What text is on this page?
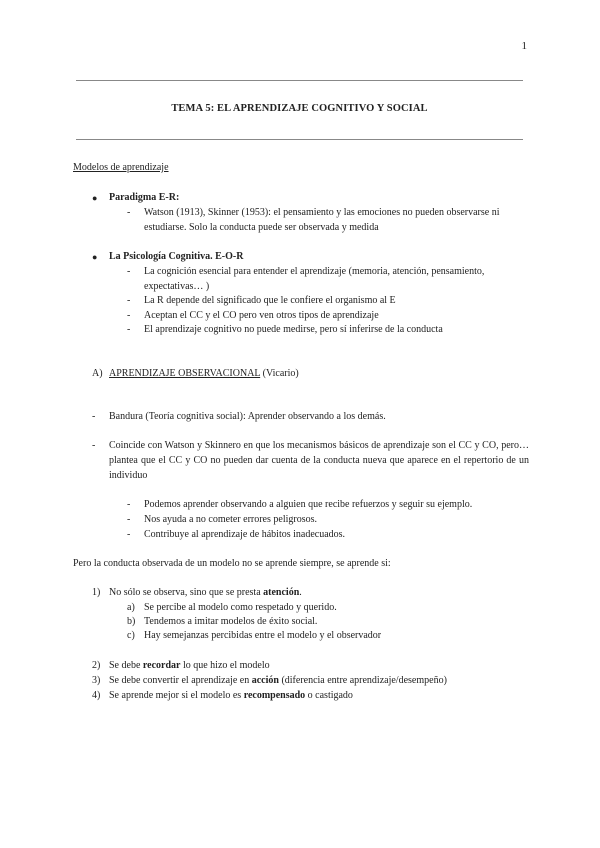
1
TEMA 5: EL APRENDIZAJE COGNITIVO Y SOCIAL
Modelos de aprendizaje
● Paradigma E-R:
- Watson (1913), Skinner (1953): el pensamiento y las emociones no pueden observarse ni estudiarse. Solo la conducta puede ser observada y medida
● La Psicología Cognitiva. E-O-R
- La cognición esencial para entender el aprendizaje (memoria, atención, pensamiento, expectativas… )
- La R depende del significado que le confiere el organismo al E
- Aceptan el CC y el CO pero ven otros tipos de aprendizaje
- El aprendizaje cognitivo no puede medirse, pero sí inferirse de la conducta
A) APRENDIZAJE OBSERVACIONAL (Vicario)
- Bandura (Teoría cognitiva social): Aprender observando a los demás.
- Coincide con Watson y Skinnero en que los mecanismos básicos de aprendizaje son el CC y CO, pero… plantea que el CC y CO no pueden dar cuenta de la conducta nueva que aparece en el repertorio de un individuo
- Podemos aprender observando a alguien que recibe refuerzos y seguir su ejemplo.
- Nos ayuda a no cometer errores peligrosos.
- Contribuye al aprendizaje de hábitos inadecuados.
Pero la conducta observada de un modelo no se aprende siempre, se aprende si:
1) No sólo se observa, sino que se presta atención.
a) Se percibe al modelo como respetado y querido.
b) Tendemos a imitar modelos de éxito social.
c) Hay semejanzas percibidas entre el modelo y el observador
2) Se debe recordar lo que hizo el modelo
3) Se debe convertir el aprendizaje en acción (diferencia entre aprendizaje/desempeño)
4) Se aprende mejor si el modelo es recompensado o castigado
